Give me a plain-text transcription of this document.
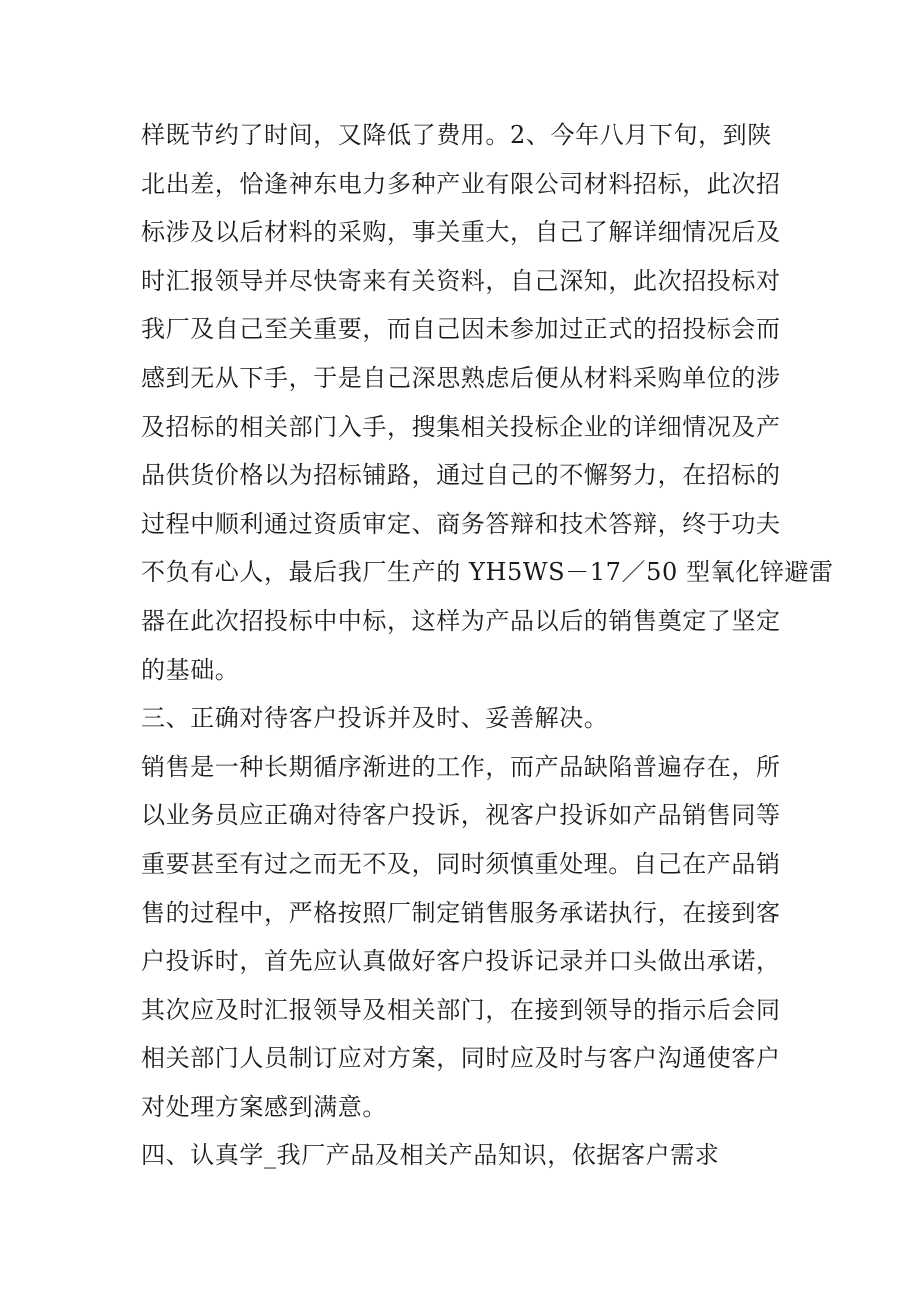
样既节约了时间，又降低了费用。2、今年八月下旬，到陕
北出差，恰逢神东电力多种产业有限公司材料招标，此次招
标涉及以后材料的采购，事关重大，自己了解详细情况后及
时汇报领导并尽快寄来有关资料，自己深知，此次招投标对
我厂及自己至关重要，而自己因未参加过正式的招投标会而
感到无从下手，于是自己深思熟虑后便从材料采购单位的涉
及招标的相关部门入手，搜集相关投标企业的详细情况及产
品供货价格以为招标铺路，通过自己的不懈努力，在招标的
过程中顺利通过资质审定、商务答辩和技术答辩，终于功夫
不负有心人，最后我厂生产的 YH5WS－17／50 型氧化锌避雷
器在此次招投标中中标，这样为产品以后的销售奠定了坚定
的基础。
三、正确对待客户投诉并及时、妥善解决。
销售是一种长期循序渐进的工作，而产品缺陷普遍存在，所
以业务员应正确对待客户投诉，视客户投诉如产品销售同等
重要甚至有过之而无不及，同时须慎重处理。自己在产品销
售的过程中，严格按照厂制定销售服务承诺执行，在接到客
户投诉时，首先应认真做好客户投诉记录并口头做出承诺，
其次应及时汇报领导及相关部门，在接到领导的指示后会同
相关部门人员制订应对方案，同时应及时与客户沟通使客户
对处理方案感到满意。
四、认真学_我厂产品及相关产品知识，依据客户需求
